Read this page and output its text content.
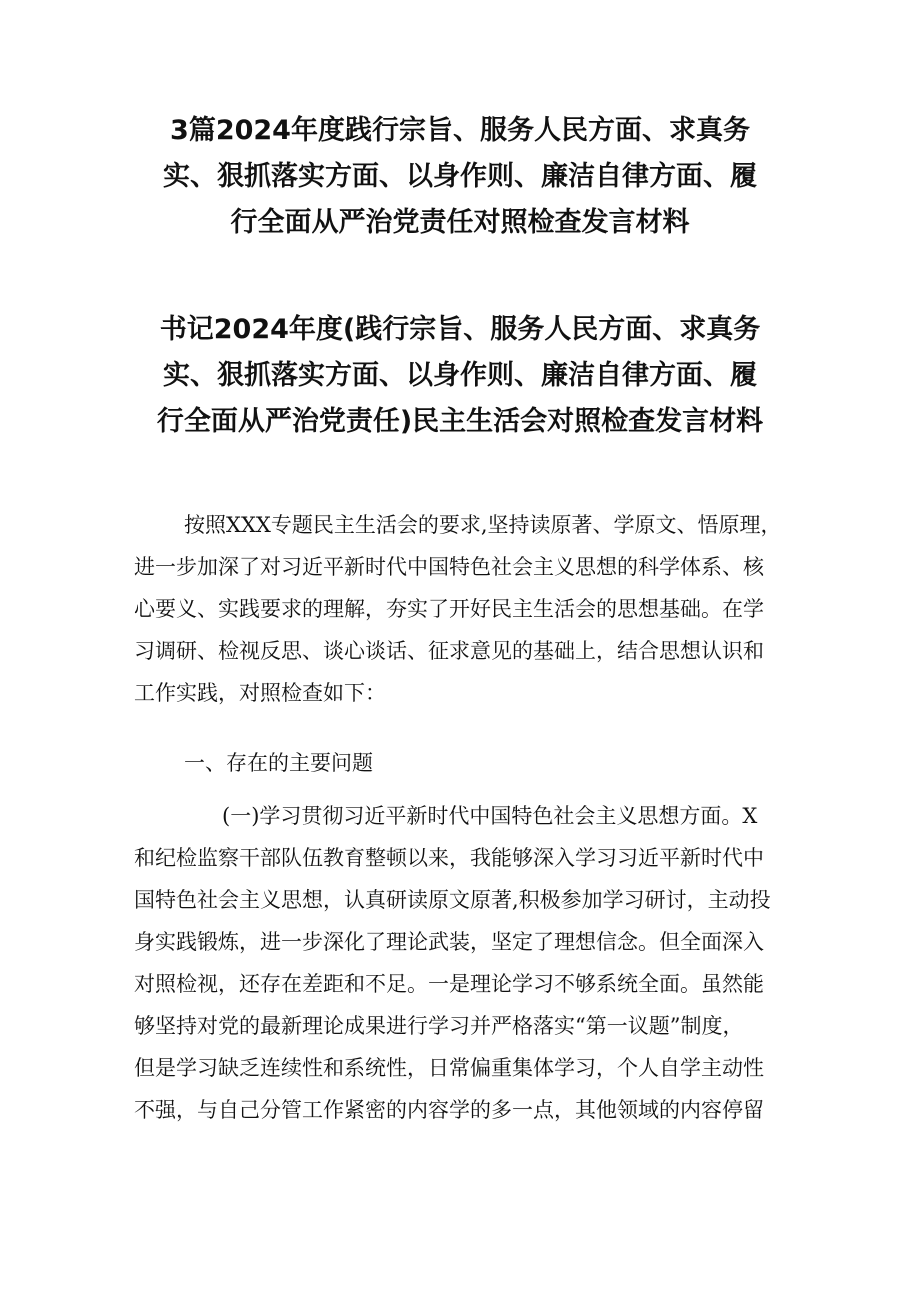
3篇2024年度践行宗旨、服务人民方面、求真务
实、狠抓落实方面、以身作则、廉洁自律方面、履
行全面从严治党责任对照检查发言材料
书记2024年度(践行宗旨、服务人民方面、求真务
实、狠抓落实方面、以身作则、廉洁自律方面、履
行全面从严治党责任)民主生活会对照检查发言材料

按照XXX专题民主生活会的要求,坚持读原著、学原文、悟原理，
进一步加深了对习近平新时代中国特色社会主义思想的科学体系、核
心要义、实践要求的理解，夯实了开好民主生活会的思想基础。在学
习调研、检视反思、谈心谈话、征求意见的基础上，结合思想认识和
工作实践，对照检查如下：

一、存在的主要问题

(一)学习贯彻习近平新时代中国特色社会主义思想方面。X
和纪检监察干部队伍教育整顿以来，我能够深入学习习近平新时代中
国特色社会主义思想，认真研读原文原著,积极参加学习研讨，主动投
身实践锻炼，进一步深化了理论武装，坚定了理想信念。但全面深入
对照检视，还存在差距和不足。一是理论学习不够系统全面。虽然能
够坚持对党的最新理论成果进行学习并严格落实“第一议题”制度，
但是学习缺乏连续性和系统性，日常偏重集体学习，个人自学主动性
不强，与自己分管工作紧密的内容学的多一点，其他领域的内容停留
